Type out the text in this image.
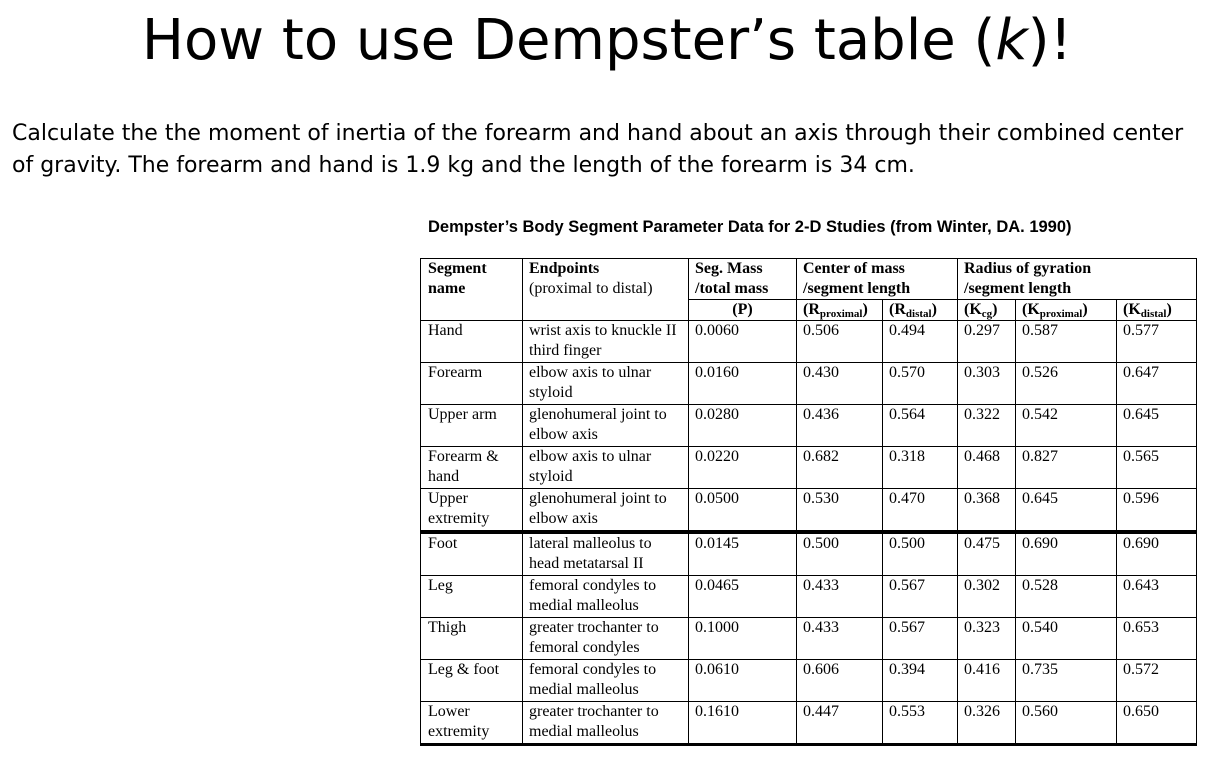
How to use Dempster’s table (k)!
Calculate the the moment of inertia of the forearm and hand about an axis through their combined center of gravity. The forearm and hand is 1.9 kg and the length of the forearm is 34 cm.
Dempster’s Body Segment Parameter Data for 2-D Studies (from Winter, DA. 1990)
Segment	Endpoints	Seg. Mass	Center of mass		Radius of gyration		
name	(proximal to distal)	/total mass	/segment length		/segment length		
		(P)	$(R_{proximal})$	$(R_{distal})$	$(K_{cg})$	$(K_{proximal})$	$(K_{distal})$
Hand	wrist axis to knuckle II third finger	0.0060	0.506	0.494	0.297	0.587	0.577
Forearm	elbow axis to ulnar styloid	0.0160	0.430	0.570	0.303	0.526	0.647
Upper arm	glenohumeral joint to elbow axis	0.0280	0.436	0.564	0.322	0.542	0.645
Forearm & hand	elbow axis to ulnar styloid	0.0220	0.682	0.318	0.468	0.827	0.565
Upper extremity	glenohumeral joint to elbow axis	0.0500	0.530	0.470	0.368	0.645	0.596
Foot	lateral malleolus to head metatarsal II	0.0145	0.500	0.500	0.475	0.690	0.690
Leg	femoral condyles to medial malleolus	0.0465	0.433	0.567	0.302	0.528	0.643
Thigh	greater trochanter to femoral condyles	0.1000	0.433	0.567	0.323	0.540	0.653
Leg & foot	femoral condyles to medial malleolus	0.0610	0.606	0.394	0.416	0.735	0.572
Lower extremity	greater trochanter to medial malleolus	0.1610	0.447	0.553	0.326	0.560	0.650
